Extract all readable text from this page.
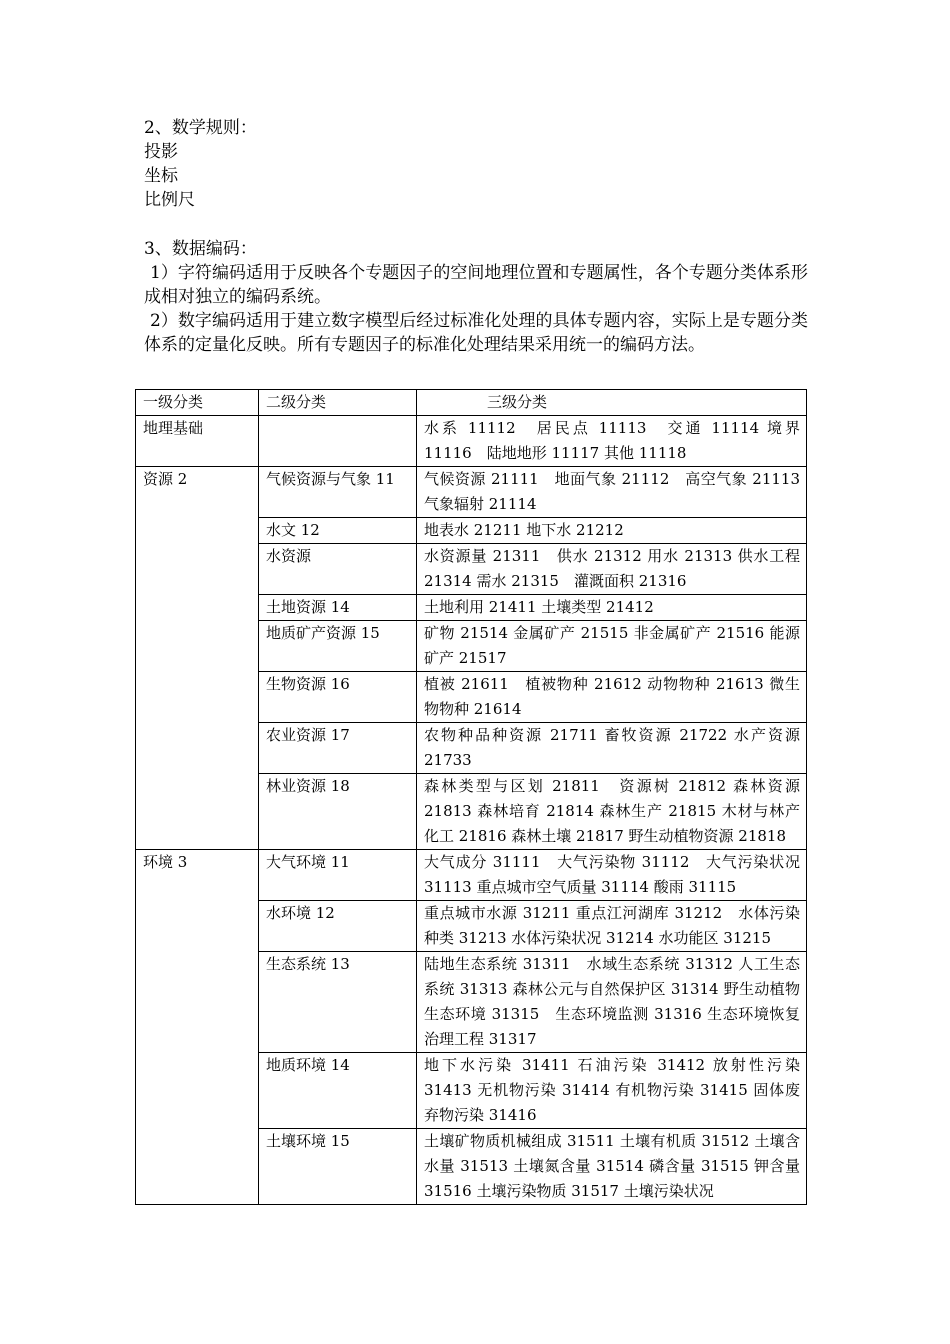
2、数学规则：
投影
坐标
比例尺
3、数据编码：
1）字符编码适用于反映各个专题因子的空间地理位置和专题属性，各个专题分类体系形成相对独立的编码系统。
2）数字编码适用于建立数字模型后经过标准化处理的具体专题内容，实际上是专题分类体系的定量化反映。所有专题因子的标准化处理结果采用统一的编码方法。
一级分类	二级分类	三级分类
地理基础		水系 11112　居民点 11113　交通 11114 境界 11116　陆地地形 11117 其他 11118
资源 2	气候资源与气象 11	气候资源 21111　地面气象 21112　高空气象 21113　气象辐射 21114
	水文 12	地表水 21211 地下水 21212
	水资源	水资源量 21311　供水 21312 用水 21313 供水工程 21314 需水 21315　灌溉面积 21316
	土地资源 14	土地利用 21411 土壤类型 21412
	地质矿产资源 15	矿物 21514 金属矿产 21515 非金属矿产 21516 能源矿产 21517
	生物资源 16	植被 21611　植被物种 21612 动物物种 21613 微生物物种 21614
	农业资源 17	农物种品种资源 21711 畜牧资源 21722 水产资源 21733
	林业资源 18	森林类型与区划 21811　资源树 21812 森林资源 21813 森林培育 21814 森林生产 21815 木材与林产化工 21816 森林土壤 21817 野生动植物资源 21818
环境 3	大气环境 11	大气成分 31111　大气污染物 31112　大气污染状况 31113 重点城市空气质量 31114 酸雨 31115
	水环境 12	重点城市水源 31211 重点江河湖库 31212　水体污染种类 31213 水体污染状况 31214 水功能区 31215
	生态系统 13	陆地生态系统 31311　水域生态系统 31312 人工生态系统 31313 森林公元与自然保护区 31314 野生动植物生态环境 31315　生态环境监测 31316 生态环境恢复治理工程 31317
	地质环境 14	地下水污染 31411 石油污染 31412 放射性污染 31413 无机物污染 31414 有机物污染 31415 固体废弃物污染 31416
	土壤环境 15	土壤矿物质机械组成 31511 土壤有机质 31512 土壤含水量 31513 土壤氮含量 31514 磷含量 31515 钾含量 31516 土壤污染物质 31517 土壤污染状况
